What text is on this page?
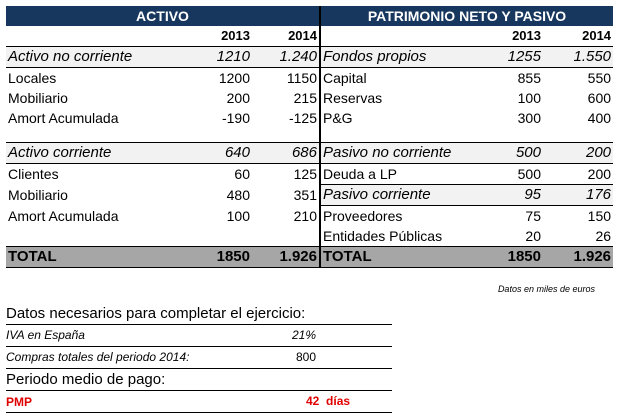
ACTIVO			PATRIMONIO NETO Y PASIVO		
	2013	2014		2013	2014
Activo no corriente	1210	1.240	Fondos propios	1255	1.550
Locales	1200	1150	Capital	855	550
Mobiliario	200	215	Reservas	100	600
Amort Acumulada	-190	-125	P&G	300	400

Activo corriente	640	686	Pasivo no corriente	500	200
Clientes	60	125	Deuda a LP	500	200
Mobiliario	480	351	Pasivo corriente	95	176
Amort Acumulada	100	210	Proveedores	75	150
			Entidades Públicas	20	26
TOTAL	1850	1.926	TOTAL	1850	1.926
Datos en miles de euros
Datos necesarios para completar el ejercicio:
IVA en España	21%
Compras totales del periodo 2014:	800
Periodo medio de pago:
PMP	42 días
